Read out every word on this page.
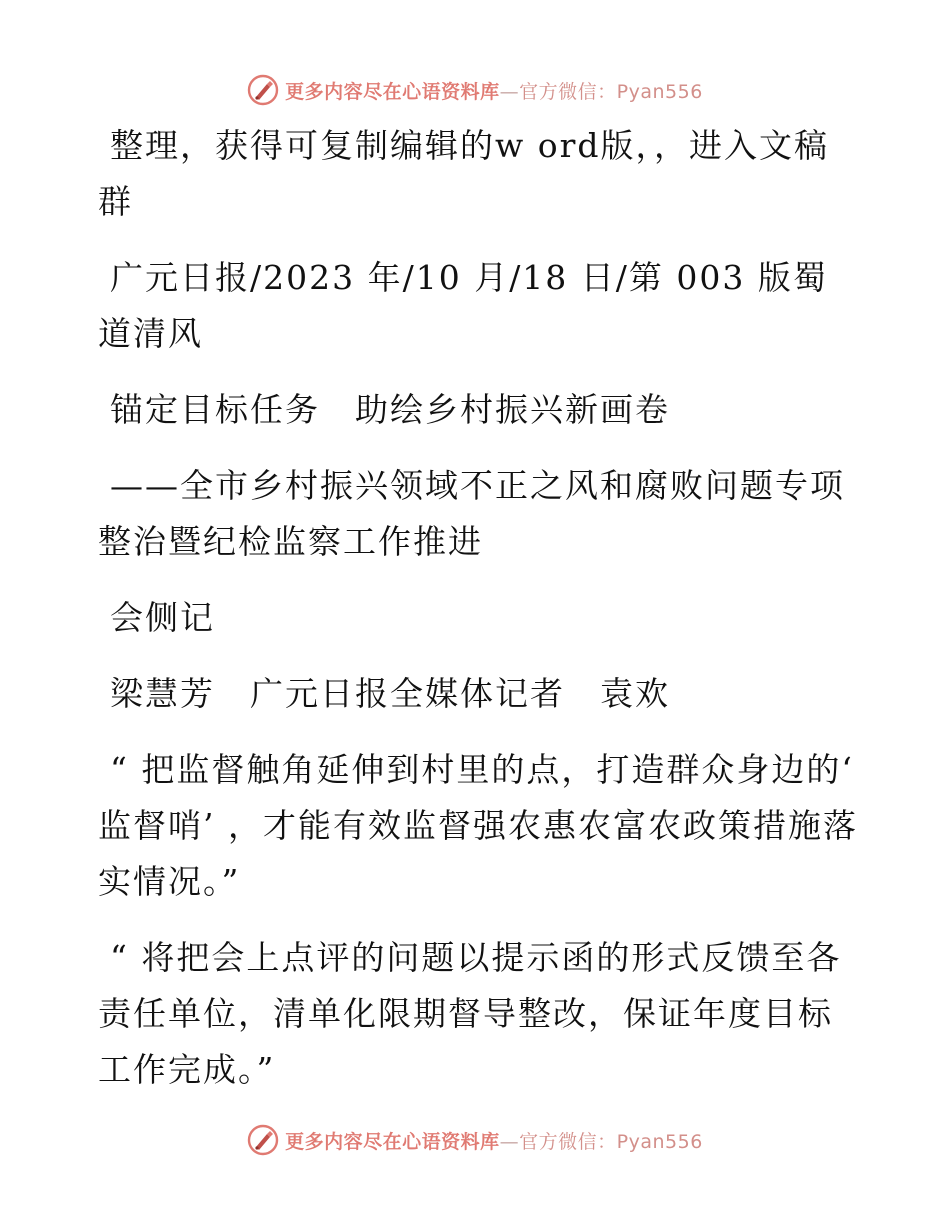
更多内容尽在心语资料库—官方微信：Pyan556

整理，获得可复制编辑的w ord版，，进入文稿群

广元日报/2023 年/10 月/18 日/第 003 版蜀道清风

锚定目标任务　助绘乡村振兴新画卷

——全市乡村振兴领域不正之风和腐败问题专项整治暨纪检监察工作推进

会侧记

梁慧芳　广元日报全媒体记者　袁欢

“ 把监督触角延伸到村里的点，打造群众身边的‘ 监督哨’ ，才能有效监督强农惠农富农政策措施落实情况。”

“ 将把会上点评的问题以提示函的形式反馈至各责任单位，清单化限期督导整改，保证年度目标工作完成。”

更多内容尽在心语资料库—官方微信：Pyan556
